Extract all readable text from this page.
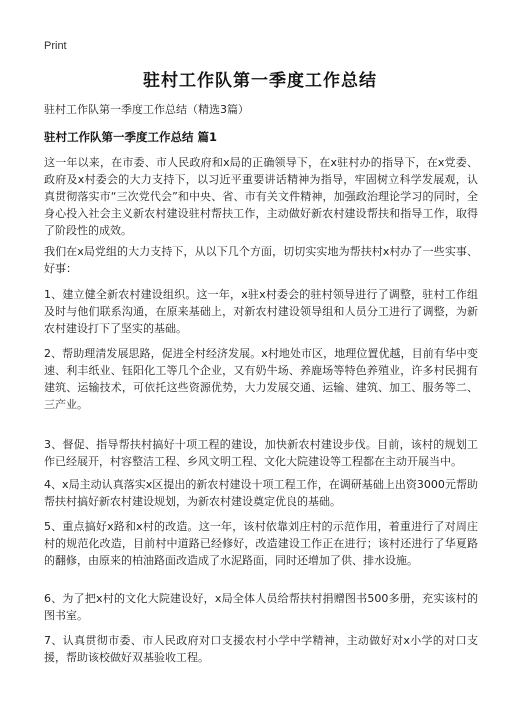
Print
驻村工作队第一季度工作总结
驻村工作队第一季度工作总结（精选3篇）
驻村工作队第一季度工作总结 篇1
这一年以来，在市委、市人民政府和x局的正确领导下，在x驻村办的指导下，在x党委、政府及x村委会的大力支持下，以习近平重要讲话精神为指导，牢固树立科学发展观，认真贯彻落实市“三次党代会”和中央、省、市有关文件精神，加强政治理论学习的同时，全身心投入社会主义新农村建设驻村帮扶工作，主动做好新农村建设帮扶和指导工作，取得了阶段性的成效。
我们在x局党组的大力支持下，从以下几个方面，切切实实地为帮扶村x村办了一些实事、好事：
1、建立健全新农村建设组织。这一年，x驻x村委会的驻村领导进行了调整，驻村工作组及时与他们联系沟通，在原来基础上，对新农村建设领导组和人员分工进行了调整，为新农村建设打下了坚实的基础。
2、帮助理清发展思路，促进全村经济发展。x村地处市区，地理位置优越，目前有华中变速、利丰纸业、钰阳化工等几个企业，又有奶牛场、养鹿场等特色养殖业，许多村民拥有建筑、运输技术，可依托这些资源优势，大力发展交通、运输、建筑、加工、服务等二、三产业。
3、督促、指导帮扶村搞好十项工程的建设，加快新农村建设步伐。目前，该村的规划工作已经展开，村容整洁工程、乡风文明工程、文化大院建设等工程都在主动开展当中。
4、x局主动认真落实x区提出的新农村建设十项工程工作，在调研基础上出资3000元帮助帮扶村搞好新农村建设规划，为新农村建设奠定优良的基础。
5、重点搞好x路和x村的改造。这一年，该村依靠刘庄村的示范作用，着重进行了对周庄村的规范化改造，目前村中道路已经修好，改造建设工作正在进行；该村还进行了华夏路的翻修，由原来的柏油路面改造成了水泥路面，同时还增加了供、排水设施。
6、为了把x村的文化大院建设好，x局全体人员给帮扶村捐赠图书500多册，充实该村的图书室。
7、认真贯彻市委、市人民政府对口支援农村小学中学精神，主动做好对x小学的对口支援，帮助该校做好双基验收工程。
